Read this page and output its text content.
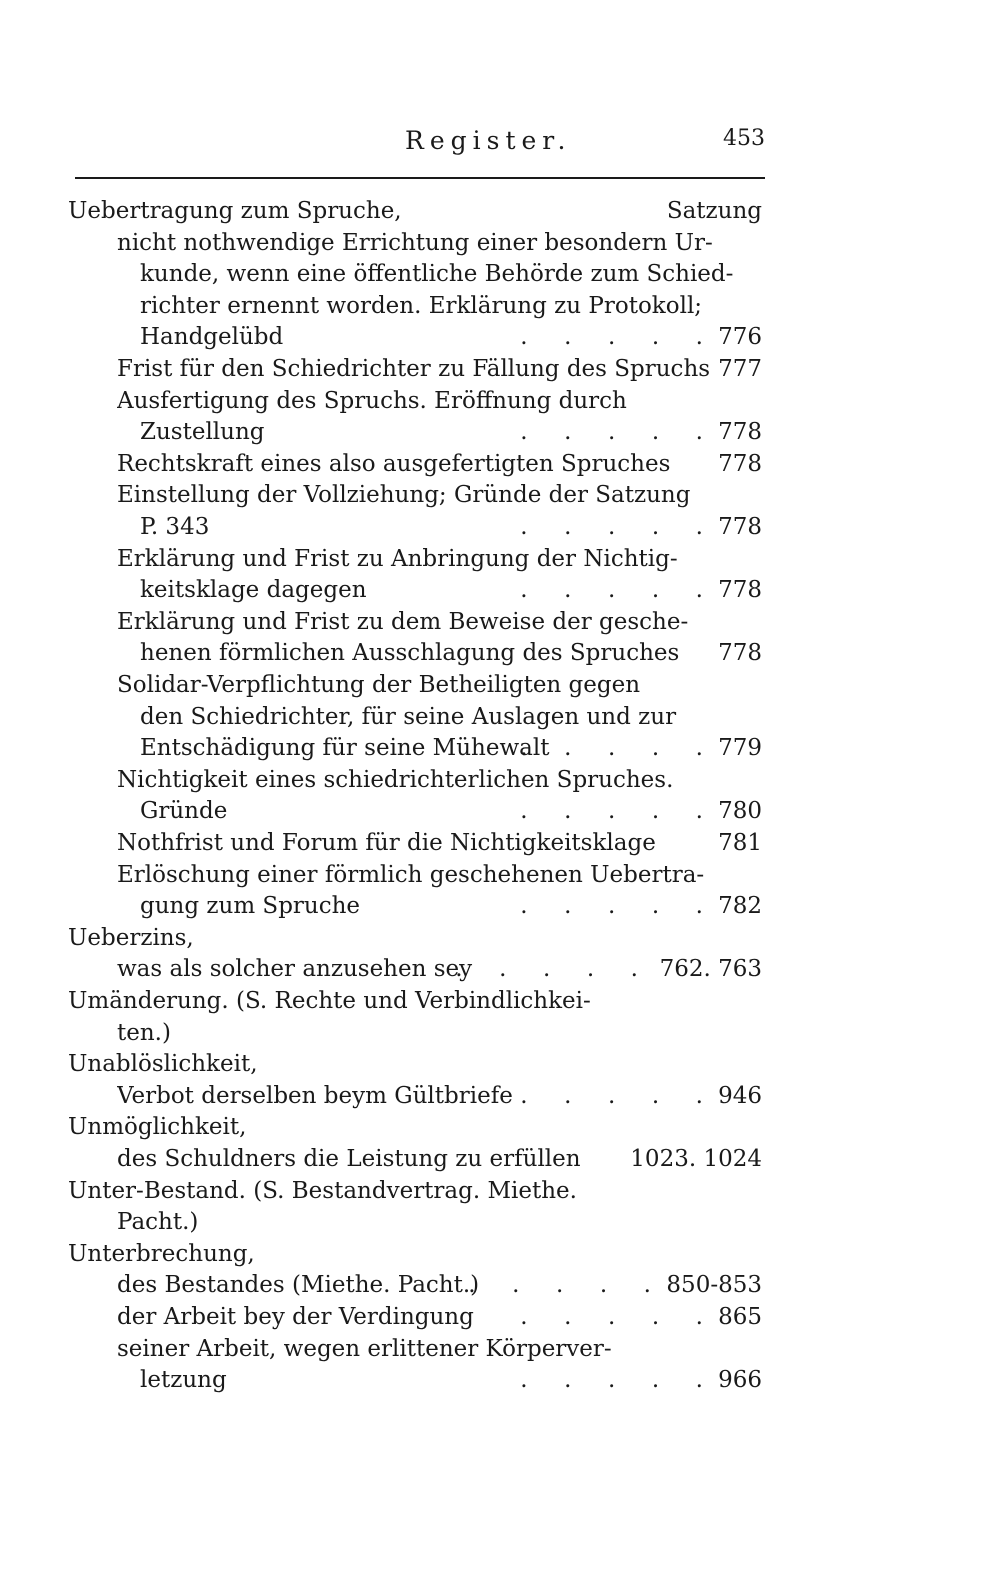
Register.	453
Uebertragung zum Spruche,	Satzung
nicht nothwendige Errichtung einer besondern Ur-
kunde, wenn eine öffentliche Behörde zum Schied-
richter ernennt worden. Erklärung zu Protokoll;
Handgelübd	776
.     .     .     .     .
Frist für den Schiedrichter zu Fällung des Spruchs 777
Ausfertigung des Spruchs. Eröffnung durch
Zustellung	778
.     .     .     .     .
Rechtskraft eines also ausgefertigten Spruches	778
Einstellung der Vollziehung; Gründe der Satzung
P. 343	778
.     .     .     .     .
Erklärung und Frist zu Anbringung der Nichtig-
keitsklage dagegen	778
.     .     .     .     .
Erklärung und Frist zu dem Beweise der gesche-
henen förmlichen Ausschlagung des Spruches	778
Solidar-Verpflichtung der Betheiligten gegen
den Schiedrichter, für seine Auslagen und zur
Entschädigung für seine Mühewalt	779
.     .     .     .     .
Nichtigkeit eines schiedrichterlichen Spruches.
Gründe	780
.     .     .     .     .
Nothfrist und Forum für die Nichtigkeitsklage	781
Erlöschung einer förmlich geschehenen Uebertra-
gung zum Spruche	782
.     .     .     .     .
Ueberzins,
was als solcher anzusehen sey	762. 763
.     .     .     .     .
Umänderung. (S. Rechte und Verbindlichkei-
ten.)
Unablöslichkeit,
Verbot derselben beym Gültbriefe	946
.     .     .     .     .
Unmöglichkeit,
des Schuldners die Leistung zu erfüllen	1023. 1024
Unter-Bestand. (S. Bestandvertrag. Miethe.
Pacht.)
Unterbrechung,
des Bestandes (Miethe. Pacht.)	850-853
.     .     .     .     .
der Arbeit bey der Verdingung	865
.     .     .     .     .
seiner Arbeit, wegen erlittener Körperver-
letzung	966
.     .     .     .     .
